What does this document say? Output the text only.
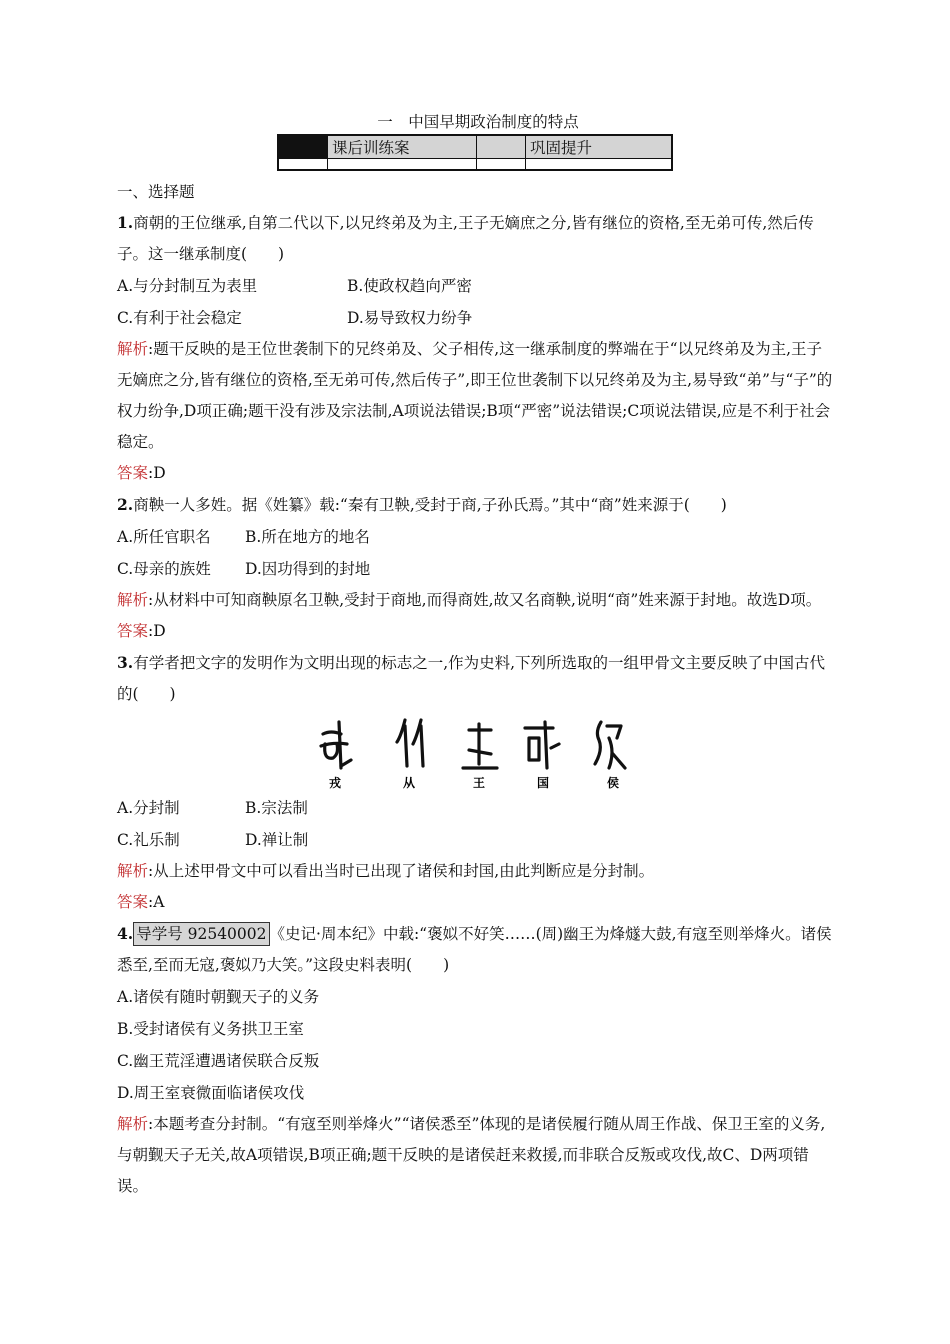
一　中国早期政治制度的特点
	课后训练案		巩固提升

一、选择题

1.商朝的王位继承,自第二代以下,以兄终弟及为主,王子无嫡庶之分,皆有继位的资格,至无弟可传,然后传子。这一继承制度(　　)

A.与分封制互为表里	B.使政权趋向严密
C.有利于社会稳定	D.易导致权力纷争

解析:题干反映的是王位世袭制下的兄终弟及、父子相传,这一继承制度的弊端在于“以兄终弟及为主,王子无嫡庶之分,皆有继位的资格,至无弟可传,然后传子”,即王位世袭制下以兄终弟及为主,易导致“弟”与“子”的权力纷争,D项正确;题干没有涉及宗法制,A项说法错误;B项“严密”说法错误;C项说法错误,应是不利于社会稳定。

答案:D

2.商鞅一人多姓。据《姓纂》载:“秦有卫鞅,受封于商,子孙氏焉。”其中“商”姓来源于(　　)

A.所任官职名	B.所在地方的地名
C.母亲的族姓	D.因功得到的封地

解析:从材料中可知商鞅原名卫鞅,受封于商地,而得商姓,故又名商鞅,说明“商”姓来源于封地。故选D项。

答案:D

3.有学者把文字的发明作为文明出现的标志之一,作为史料,下列所选取的一组甲骨文主要反映了中国古代的(　　)

戎	从	王	国	侯
A.分封制	B.宗法制
C.礼乐制	D.禅让制

解析:从上述甲骨文中可以看出当时已出现了诸侯和封国,由此判断应是分封制。

答案:A

4. 导学号 92540002 《史记·周本纪》中载:“褒姒不好笑……(周)幽王为烽燧大鼓,有寇至则举烽火。诸侯悉至,至而无寇,褒姒乃大笑。”这段史料表明(　　)

A.诸侯有随时朝觐天子的义务
B.受封诸侯有义务拱卫王室
C.幽王荒淫遭遇诸侯联合反叛
D.周王室衰微面临诸侯攻伐

解析:本题考查分封制。“有寇至则举烽火”“诸侯悉至”体现的是诸侯履行随从周王作战、保卫王室的义务,与朝觐天子无关,故A项错误,B项正确;题干反映的是诸侯赶来救援,而非联合反叛或攻伐,故C、D两项错误。
